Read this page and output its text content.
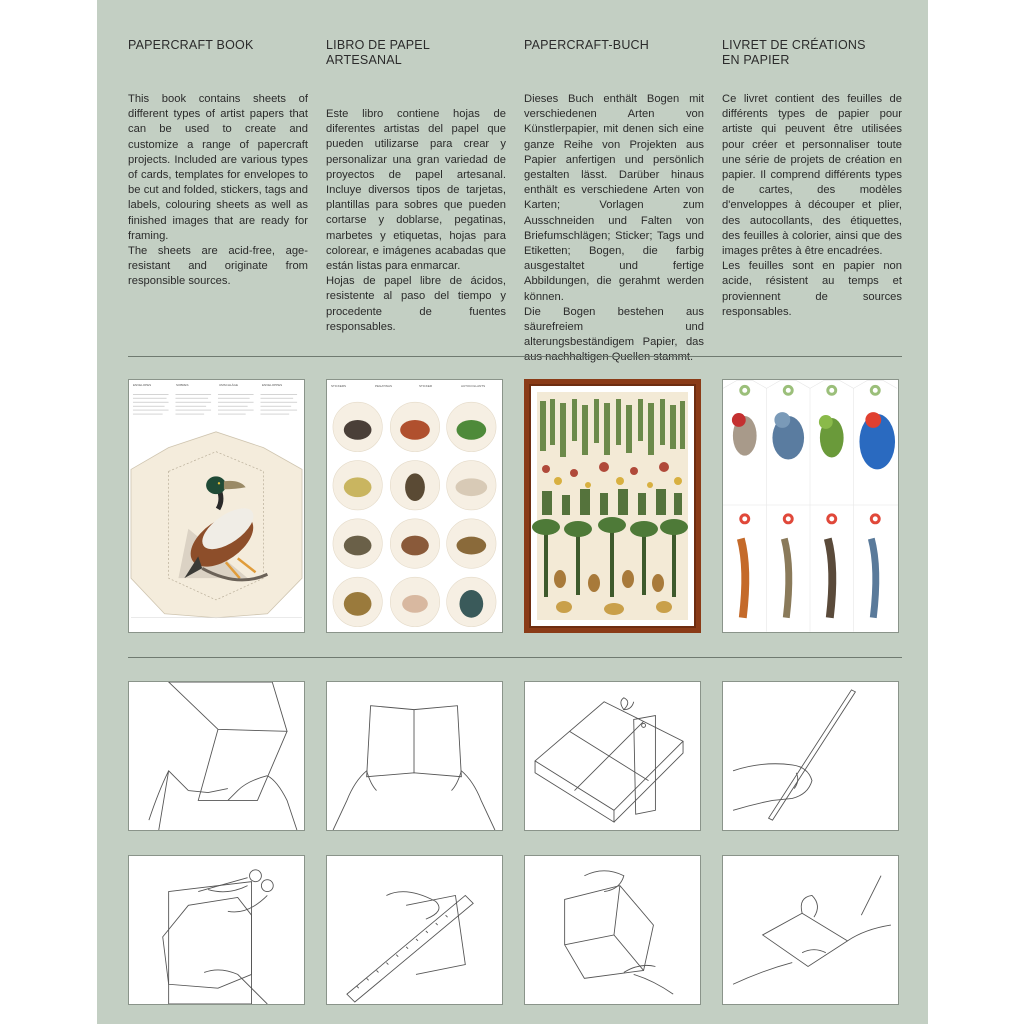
PAPERCRAFT BOOK

This book contains sheets of different types of artist papers that can be used to create and customize a range of papercraft projects. Included are various types of cards, templates for envelopes to be cut and folded, stickers, tags and labels, colouring sheets as well as finished images that are ready for framing.
The sheets are acid-free, age-resistant and originate from responsible sources.

LIBRO DE PAPEL ARTESANAL

Este libro contiene hojas de diferentes artistas del papel que pueden utilizarse para crear y personalizar una gran variedad de proyectos de papel artesanal. Incluye diversos tipos de tarjetas, plantillas para sobres que pueden cortarse y doblarse, pegatinas, marbetes y etiquetas, hojas para colorear, e imágenes acabadas que están listas para enmarcar.
Hojas de papel libre de ácidos, resistente al paso del tiempo y procedente de fuentes responsables.

PAPERCRAFT-BUCH

Dieses Buch enthält Bogen mit verschiedenen Arten von Künstlerpapier, mit denen sich eine ganze Reihe von Projekten aus Papier anfertigen und persönlich gestalten lässt. Darüber hinaus enthält es verschiedene Arten von Karten; Vorlagen zum Ausschneiden und Falten von Briefumschlägen; Sticker; Tags und Etiketten; Bogen, die farbig ausgestaltet und fertige Abbildungen, die gerahmt werden können.
Die Bogen bestehen aus säurefreiem und alterungsbeständigem Papier, das aus nachhaltigen Quellen stammt.

LIVRET DE CRÉATIONS
EN PAPIER

Ce livret contient des feuilles de différents types de papier pour artiste qui peuvent être utilisées pour créer et personnaliser toute une série de projets de création en papier. Il comprend différents types de cartes, des modèles d'enveloppes à découper et plier, des autocollants, des étiquettes, des feuilles à colorier, ainsi que des images prêtes à être encadrées.
Les feuilles sont en papier non acide, résistent au temps et proviennent de sources responsables.

ENVELOPES	SOBRES	UMSCHLÄGE	ENVELOPPES	STICKERS	PEGATINAS	STICKER	AUTOCOLLANTS
